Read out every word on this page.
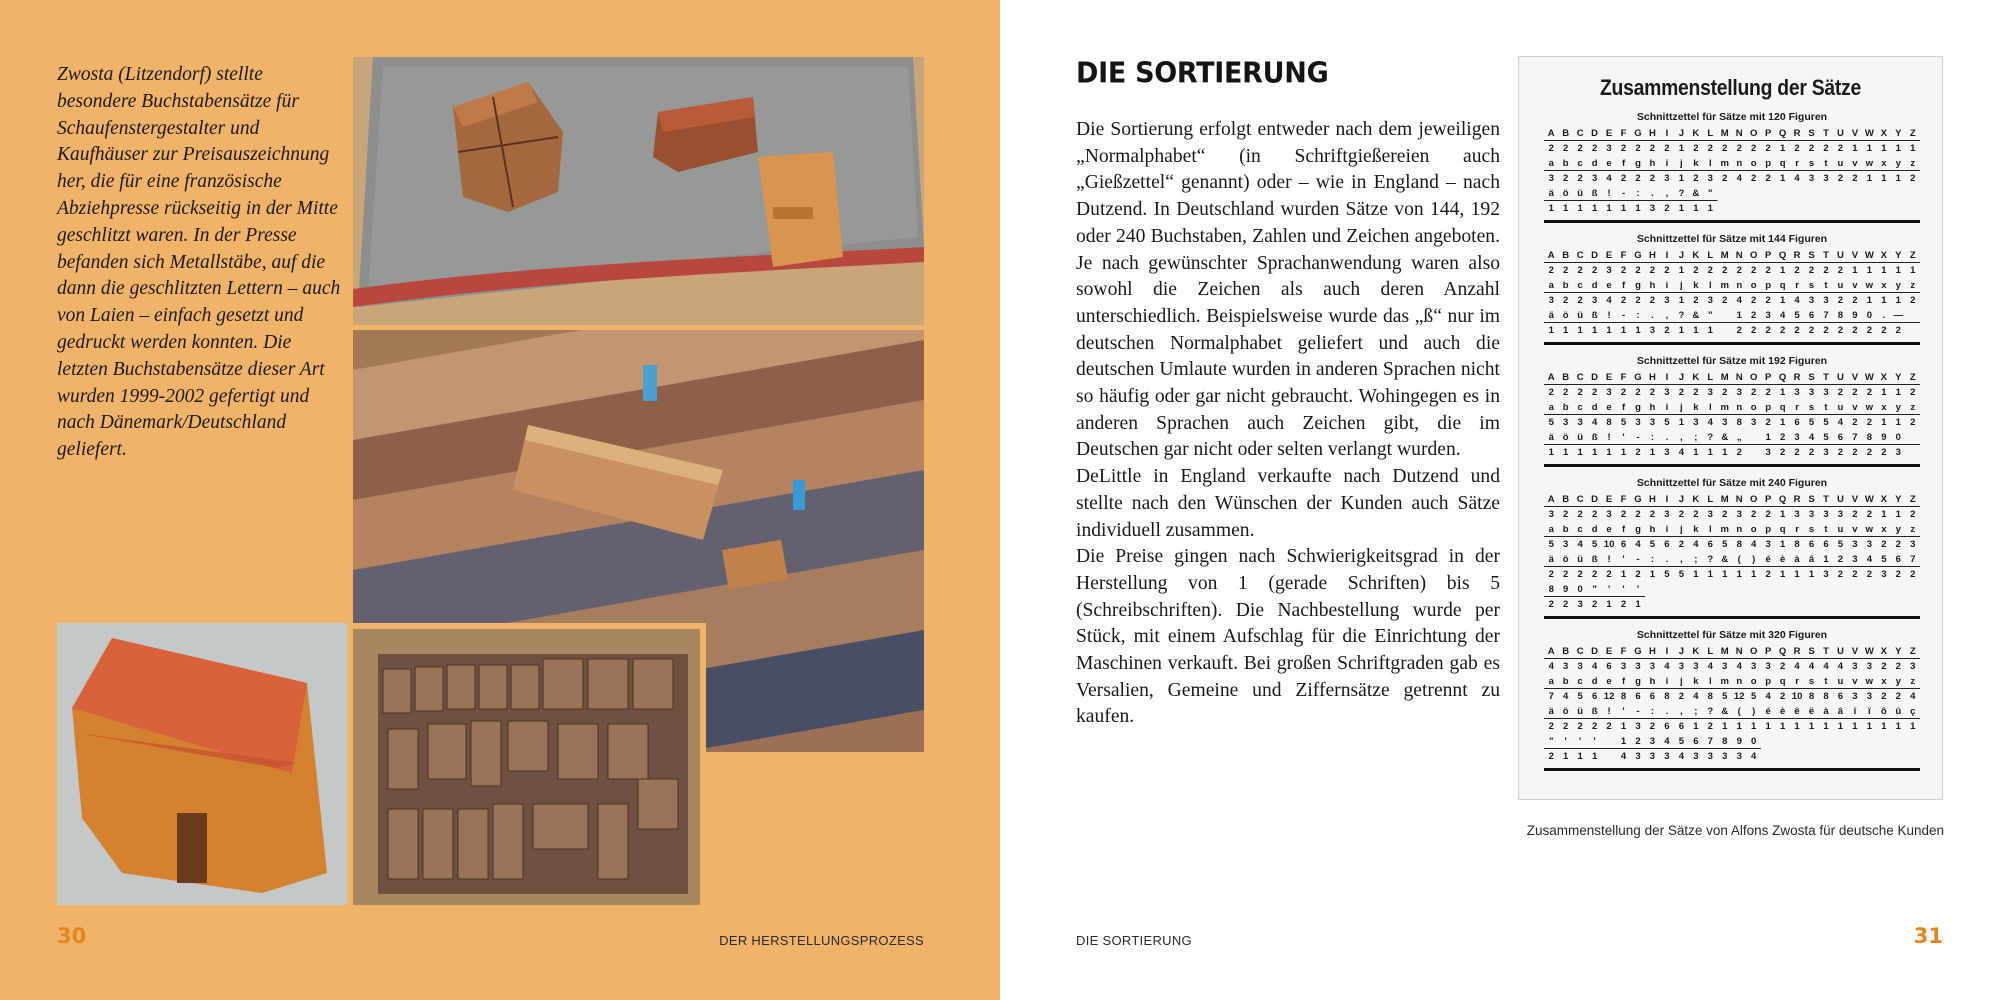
Zwosta (Litzendorf) stellte besondere Buchstabensätze für Schaufenstergestalter und Kaufhäuser zur Preisauszeichnung her, die für eine französische Abziehpresse rückseitig in der Mitte geschlitzt waren. In der Presse befanden sich Metallstäbe, auf die dann die geschlitzten Lettern – auch von Laien – einfach gesetzt und gedruckt werden konnten. Die letzten Buchstabensätze dieser Art wurden 1999-2002 gefertigt und nach Dänemark/Deutschland geliefert.
30	DER HERSTELLUNGSPROZESS
DIE SORTIERUNG

Die Sortierung erfolgt entweder nach dem jeweiligen „Normalphabet“ (in Schriftgießereien auch „Gießzettel“ genannt) oder – wie in England – nach Dutzend. In Deutschland wurden Sätze von 144, 192 oder 240 Buchstaben, Zahlen und Zeichen angeboten. Je nach gewünschter Sprachanwendung waren also sowohl die Zeichen als auch deren Anzahl unterschiedlich. Beispielsweise wurde das „ß“ nur im deutschen Normalphabet geliefert und auch die deutschen Umlaute wurden in anderen Sprachen nicht so häufig oder gar nicht gebraucht. Wohingegen es in anderen Sprachen auch Zeichen gibt, die im Deutschen gar nicht oder selten verlangt wurden.

DeLittle in England verkaufte nach Dutzend und stellte nach den Wünschen der Kunden auch Sätze individuell zusammen.

Die Preise gingen nach Schwierigkeitsgrad in der Herstellung von 1 (gerade Schriften) bis 5 (Schreibschriften). Die Nachbestellung wurde per Stück, mit einem Aufschlag für die Einrichtung der Maschinen verkauft. Bei großen Schriftgraden gab es Versalien, Gemeine und Ziffernsätze getrennt zu kaufen.

Zusammenstellung der Sätze
Schnittzettel für Sätze mit 120 Figuren
A B C D E F G H	I	J K L M N O P Q R S T U V W X Y Z
2 2 2 2 3 2 2 2 2 1 2 2 2 2 2 2 1 2 2 2 2 1 1 1 1 1
a b c d e	f	g h	i	j	k	l m n o p q	r	s	t	u v w x y z
3 2 2 3 4 2 2 2 3 1 2 3 2 4 2 2 1 4 3 3 2 2 1 1 1 2
ä ö ü ß	!	-	:	.	,	? & "
1 1 1 1 1 1 1 3 2 1 1 1
Schnittzettel für Sätze mit 144 Figuren
A B C D E F G H	I	J K L M N O P Q R S T U V W X Y Z
2 2 2 2 3 2 2 2 2 1 2 2 2 2 2 2 1 2 2 2 2 1 1 1 1 1
a b c d e	f	g h	i	j	k	l m n o p q	r	s	t	u v w x y z
3 2 2 3 4 2 2 2 3 1 2 3 2 4 2 2 1 4 3 3 2 2 1 1 1 2
ä ö ü ß	!	-	:	.	,	? & "	1 2 3 4 5 6 7 8 9 0	. —
1 1 1 1 1 1 1 3 2 1 1 1	2 2 2 2 2 2 2 2 2 2 2 2
Schnittzettel für Sätze mit 192 Figuren
A B C D E F G H	I	J K L M N O P Q R S T U V W X Y Z
2 2 2 2 3 2 2 2 3 2 2 3 2 3 2 2 1 3 3 3 2 2 2 1 1 2
a b c d e	f	g h	i	j	k	l m n o p q	r	s	t	u v w x y z
5 3 3 4 8 5 3 3 5 1 3 4 3 8 3 2 1 6 5 5 4 2 2 1 1 2
ä ö ü ß	!	'	-	:	.	,	;	? & „	1 2 3 4 5 6 7 8 9 0
1 1 1 1 1 1 2 1 3 4 1 1 1 2	3 2 2 2 3 2 2 2 2 3
Schnittzettel für Sätze mit 240 Figuren
A B C D E F G H	I	J K L M N O P Q R S T U V W X Y Z
3 2 2 2 3 2 2 2 3 2 2 3 2 3 2 2 1 3 3 3 3 2 2 1 1 2
a b c d e	f	g h	i	j	k	l m n o p q	r	s	t	u v w x y z
5 3 4 5 10 6 4 5 6 2 4 6 5 8 4 3 1 8 6 6 5 3 3 2 2 3
ä ö ü ß	!	'	-	:	.	,	;	? & (	)	é è à â 1 2 3 4 5 6 7
2 2 2 2 2 1 2 1 5 5 1 1 1 1 1 2 1 1 1 3 2 2 2 3 2 2
8 9 0	"	'	'	'
2 2 3 2 1 2 1
Schnittzettel für Sätze mit 320 Figuren
A B C D E F G H	I	J K L M N O P Q R S T U V W X Y Z
4 3 3 4 6 3 3 3 4 3 3 4 3 4 3 3 2 4 4 4 4 3 3 2 2 3
a b c d e	f	g h	i	j	k	l m n o p q	r	s	t	u v w x y z
7 4 5 6 12 8 6 6 8 2 4 8 5 12 5 4 2 10 8 8 6 3 3 2 2 4
ä ö ü ß	!	'	-	:	.	,	;	? & (	)	é è ê ë à â	î	ï	ô û ç
2 2 2 2 2 1 3 2 6 6 1 2 1 1 1 1 1 1 1 1 1 1 1 1 1 1
"	'	'	'	1 2 3 4 5 6 7 8 9 0
2 1 1 1	4 3 3 3 4 3 3 3 3 4
Zusammenstellung der Sätze von Alfons Zwosta für deutsche Kunden
DIE SORTIERUNG	31
